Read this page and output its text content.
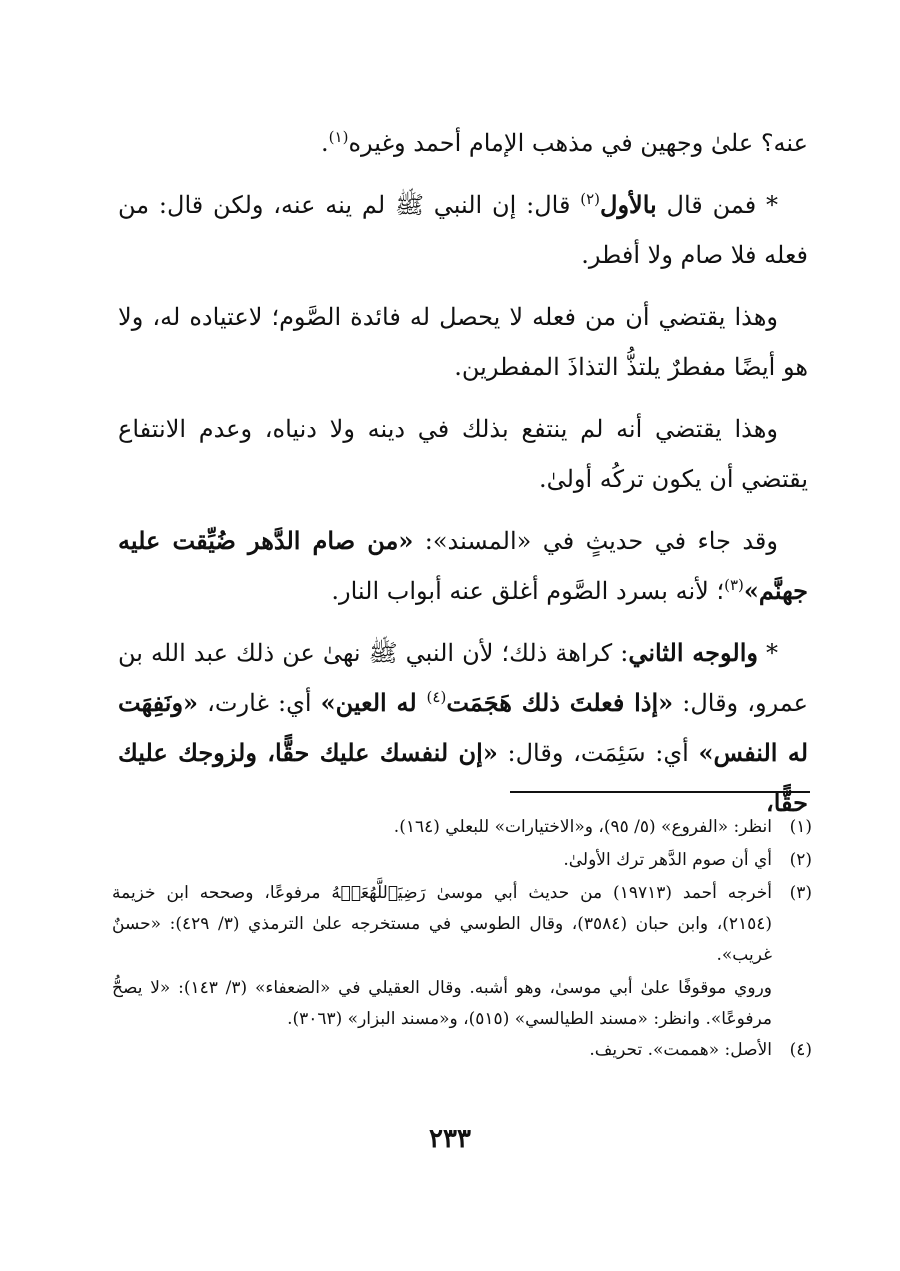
عنه؟ علىٰ وجهين في مذهب الإمام أحمد وغيره$^{(١)}$.

* فمن قال بالأول$^{(٢)}$ قال: إن النبي ﷺ لم ينه عنه، ولكن قال: من فعله فلا صام ولا أفطر.

وهذا يقتضي أن من فعله لا يحصل له فائدة الصَّوم؛ لاعتياده له، ولا هو أيضًا مفطرٌ يلتذُّ التذاذَ المفطرين.

وهذا يقتضي أنه لم ينتفع بذلك في دينه ولا دنياه، وعدم الانتفاع يقتضي أن يكون تركُه أولىٰ.

وقد جاء في حديثٍ في «المسند»: «من صام الدَّهر ضُيِّقت عليه جهنَّم»$^{(٣)}$؛ لأنه بسرد الصَّوم أغلق عنه أبواب النار.

* والوجه الثاني: كراهة ذلك؛ لأن النبي ﷺ نهىٰ عن ذلك عبد الله بن عمرو، وقال: «إذا فعلتَ ذلك هَجَمَت$^{(٤)}$ له العين» أي: غارت، «ونَفِهَت له النفس» أي: سَئِمَت، وقال: «إن لنفسك عليك حقًّا، ولزوجك عليك حقًّا،

(١)
انظر: «الفروع» (٥/ ٩٥)، و«الاختيارات» للبعلي (١٦٤).
(٢)
أي أن صوم الدَّهر ترك الأولىٰ.
(٣)
أخرجه أحمد (١٩٧١٣) من حديث أبي موسىٰ رَضِيَٱللَّهُعَنۡهُ مرفوعًا، وصححه ابن خزيمة (٢١٥٤)، وابن حبان (٣٥٨٤)، وقال الطوسي في مستخرجه علىٰ الترمذي (٣/ ٤٢٩): «حسنٌ غريب».
وروي موقوفًا علىٰ أبي موسىٰ، وهو أشبه. وقال العقيلي في «الضعفاء» (٣/ ١٤٣): «لا يصحُّ مرفوعًا». وانظر: «مسند الطيالسي» (٥١٥)، و«مسند البزار» (٣٠٦٣).
(٤)
الأصل: «هممت». تحريف.
٢٣٣
